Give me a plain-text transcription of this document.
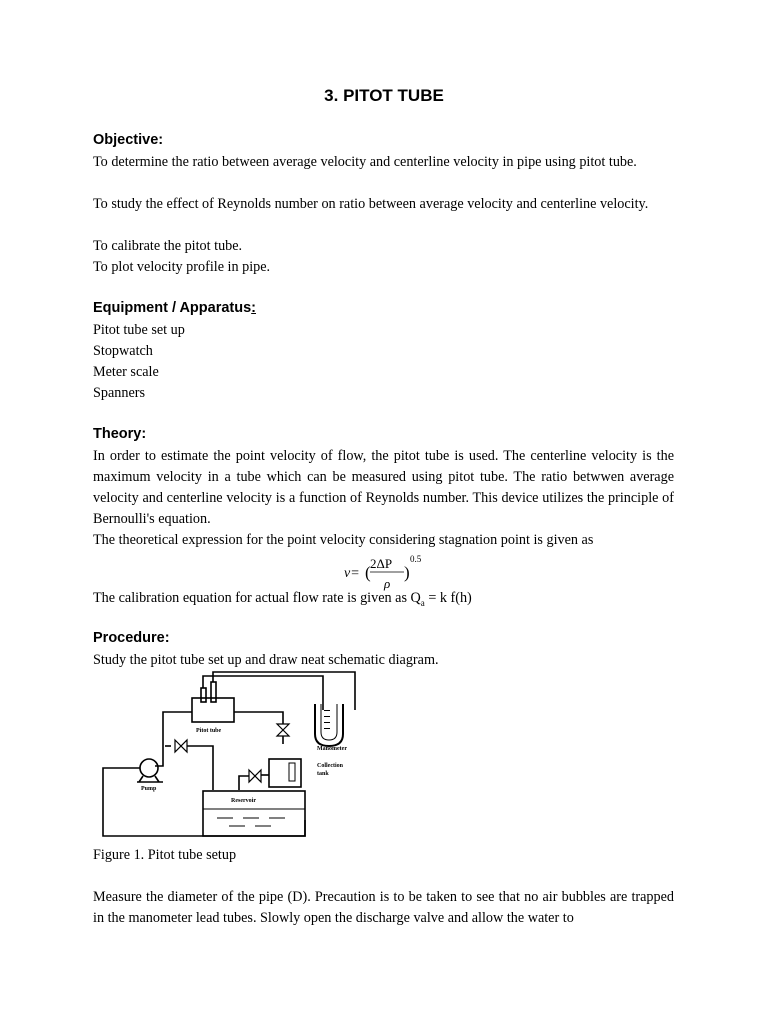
3. PITOT TUBE
Objective:
To determine the ratio between average velocity and centerline velocity in pipe using pitot tube.
To study the effect of Reynolds number on ratio between average velocity and centerline velocity.
To calibrate the pitot tube.
To plot velocity profile in pipe.
Equipment / Apparatus:
Pitot tube set up
Stopwatch
Meter scale
Spanners
Theory:
In order to estimate the point velocity of flow, the pitot tube is used. The centerline velocity is the maximum velocity in a tube which can be measured using pitot tube. The ratio betwwen average velocity and centerline velocity is a function of Reynolds number. This device utilizes the principle of Bernoulli's equation.
The theoretical expression for the point velocity considering stagnation point is given as
v= ( 2ΔP
ρ
)
0.5
The calibration equation for actual flow rate is given as $Q_a = k$ f(h)
Procedure:
Study the pitot tube set up and draw neat schematic diagram.
Pitot tube
Manometer
Collection
tank
Pump
Reservoir
Figure 1. Pitot tube setup
Measure the diameter of the pipe (D). Precaution is to be taken to see that no air bubbles are trapped in the manometer lead tubes. Slowly open the discharge valve and allow the water to
